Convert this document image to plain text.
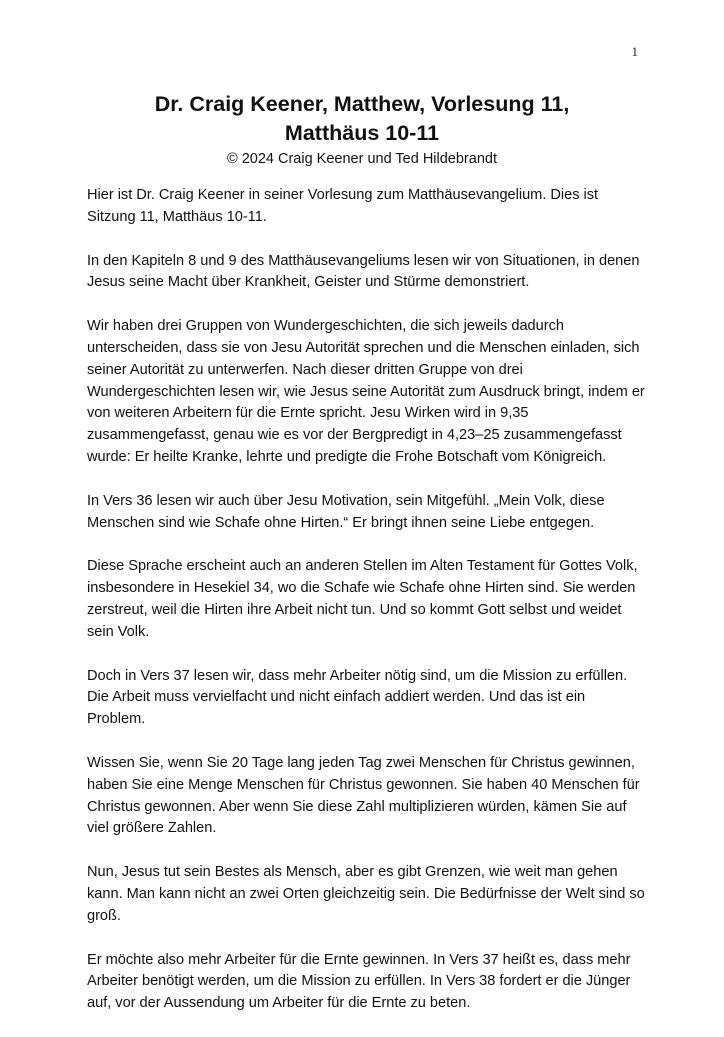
1
Dr. Craig Keener, Matthew, Vorlesung 11,
Matthäus 10-11
© 2024 Craig Keener und Ted Hildebrandt

Hier ist Dr. Craig Keener in seiner Vorlesung zum Matthäusevangelium. Dies ist Sitzung 11, Matthäus 10-11.

In den Kapiteln 8 und 9 des Matthäusevangeliums lesen wir von Situationen, in denen Jesus seine Macht über Krankheit, Geister und Stürme demonstriert.

Wir haben drei Gruppen von Wundergeschichten, die sich jeweils dadurch unterscheiden, dass sie von Jesu Autorität sprechen und die Menschen einladen, sich seiner Autorität zu unterwerfen. Nach dieser dritten Gruppe von drei Wundergeschichten lesen wir, wie Jesus seine Autorität zum Ausdruck bringt, indem er von weiteren Arbeitern für die Ernte spricht. Jesu Wirken wird in 9,35 zusammengefasst, genau wie es vor der Bergpredigt in 4,23–25 zusammengefasst wurde: Er heilte Kranke, lehrte und predigte die Frohe Botschaft vom Königreich.

In Vers 36 lesen wir auch über Jesu Motivation, sein Mitgefühl. „Mein Volk, diese Menschen sind wie Schafe ohne Hirten.“ Er bringt ihnen seine Liebe entgegen.

Diese Sprache erscheint auch an anderen Stellen im Alten Testament für Gottes Volk, insbesondere in Hesekiel 34, wo die Schafe wie Schafe ohne Hirten sind. Sie werden zerstreut, weil die Hirten ihre Arbeit nicht tun. Und so kommt Gott selbst und weidet sein Volk.

Doch in Vers 37 lesen wir, dass mehr Arbeiter nötig sind, um die Mission zu erfüllen. Die Arbeit muss vervielfacht und nicht einfach addiert werden. Und das ist ein Problem.

Wissen Sie, wenn Sie 20 Tage lang jeden Tag zwei Menschen für Christus gewinnen, haben Sie eine Menge Menschen für Christus gewonnen. Sie haben 40 Menschen für Christus gewonnen. Aber wenn Sie diese Zahl multiplizieren würden, kämen Sie auf viel größere Zahlen.

Nun, Jesus tut sein Bestes als Mensch, aber es gibt Grenzen, wie weit man gehen kann. Man kann nicht an zwei Orten gleichzeitig sein. Die Bedürfnisse der Welt sind so groß.

Er möchte also mehr Arbeiter für die Ernte gewinnen. In Vers 37 heißt es, dass mehr Arbeiter benötigt werden, um die Mission zu erfüllen. In Vers 38 fordert er die Jünger auf, vor der Aussendung um Arbeiter für die Ernte zu beten.
